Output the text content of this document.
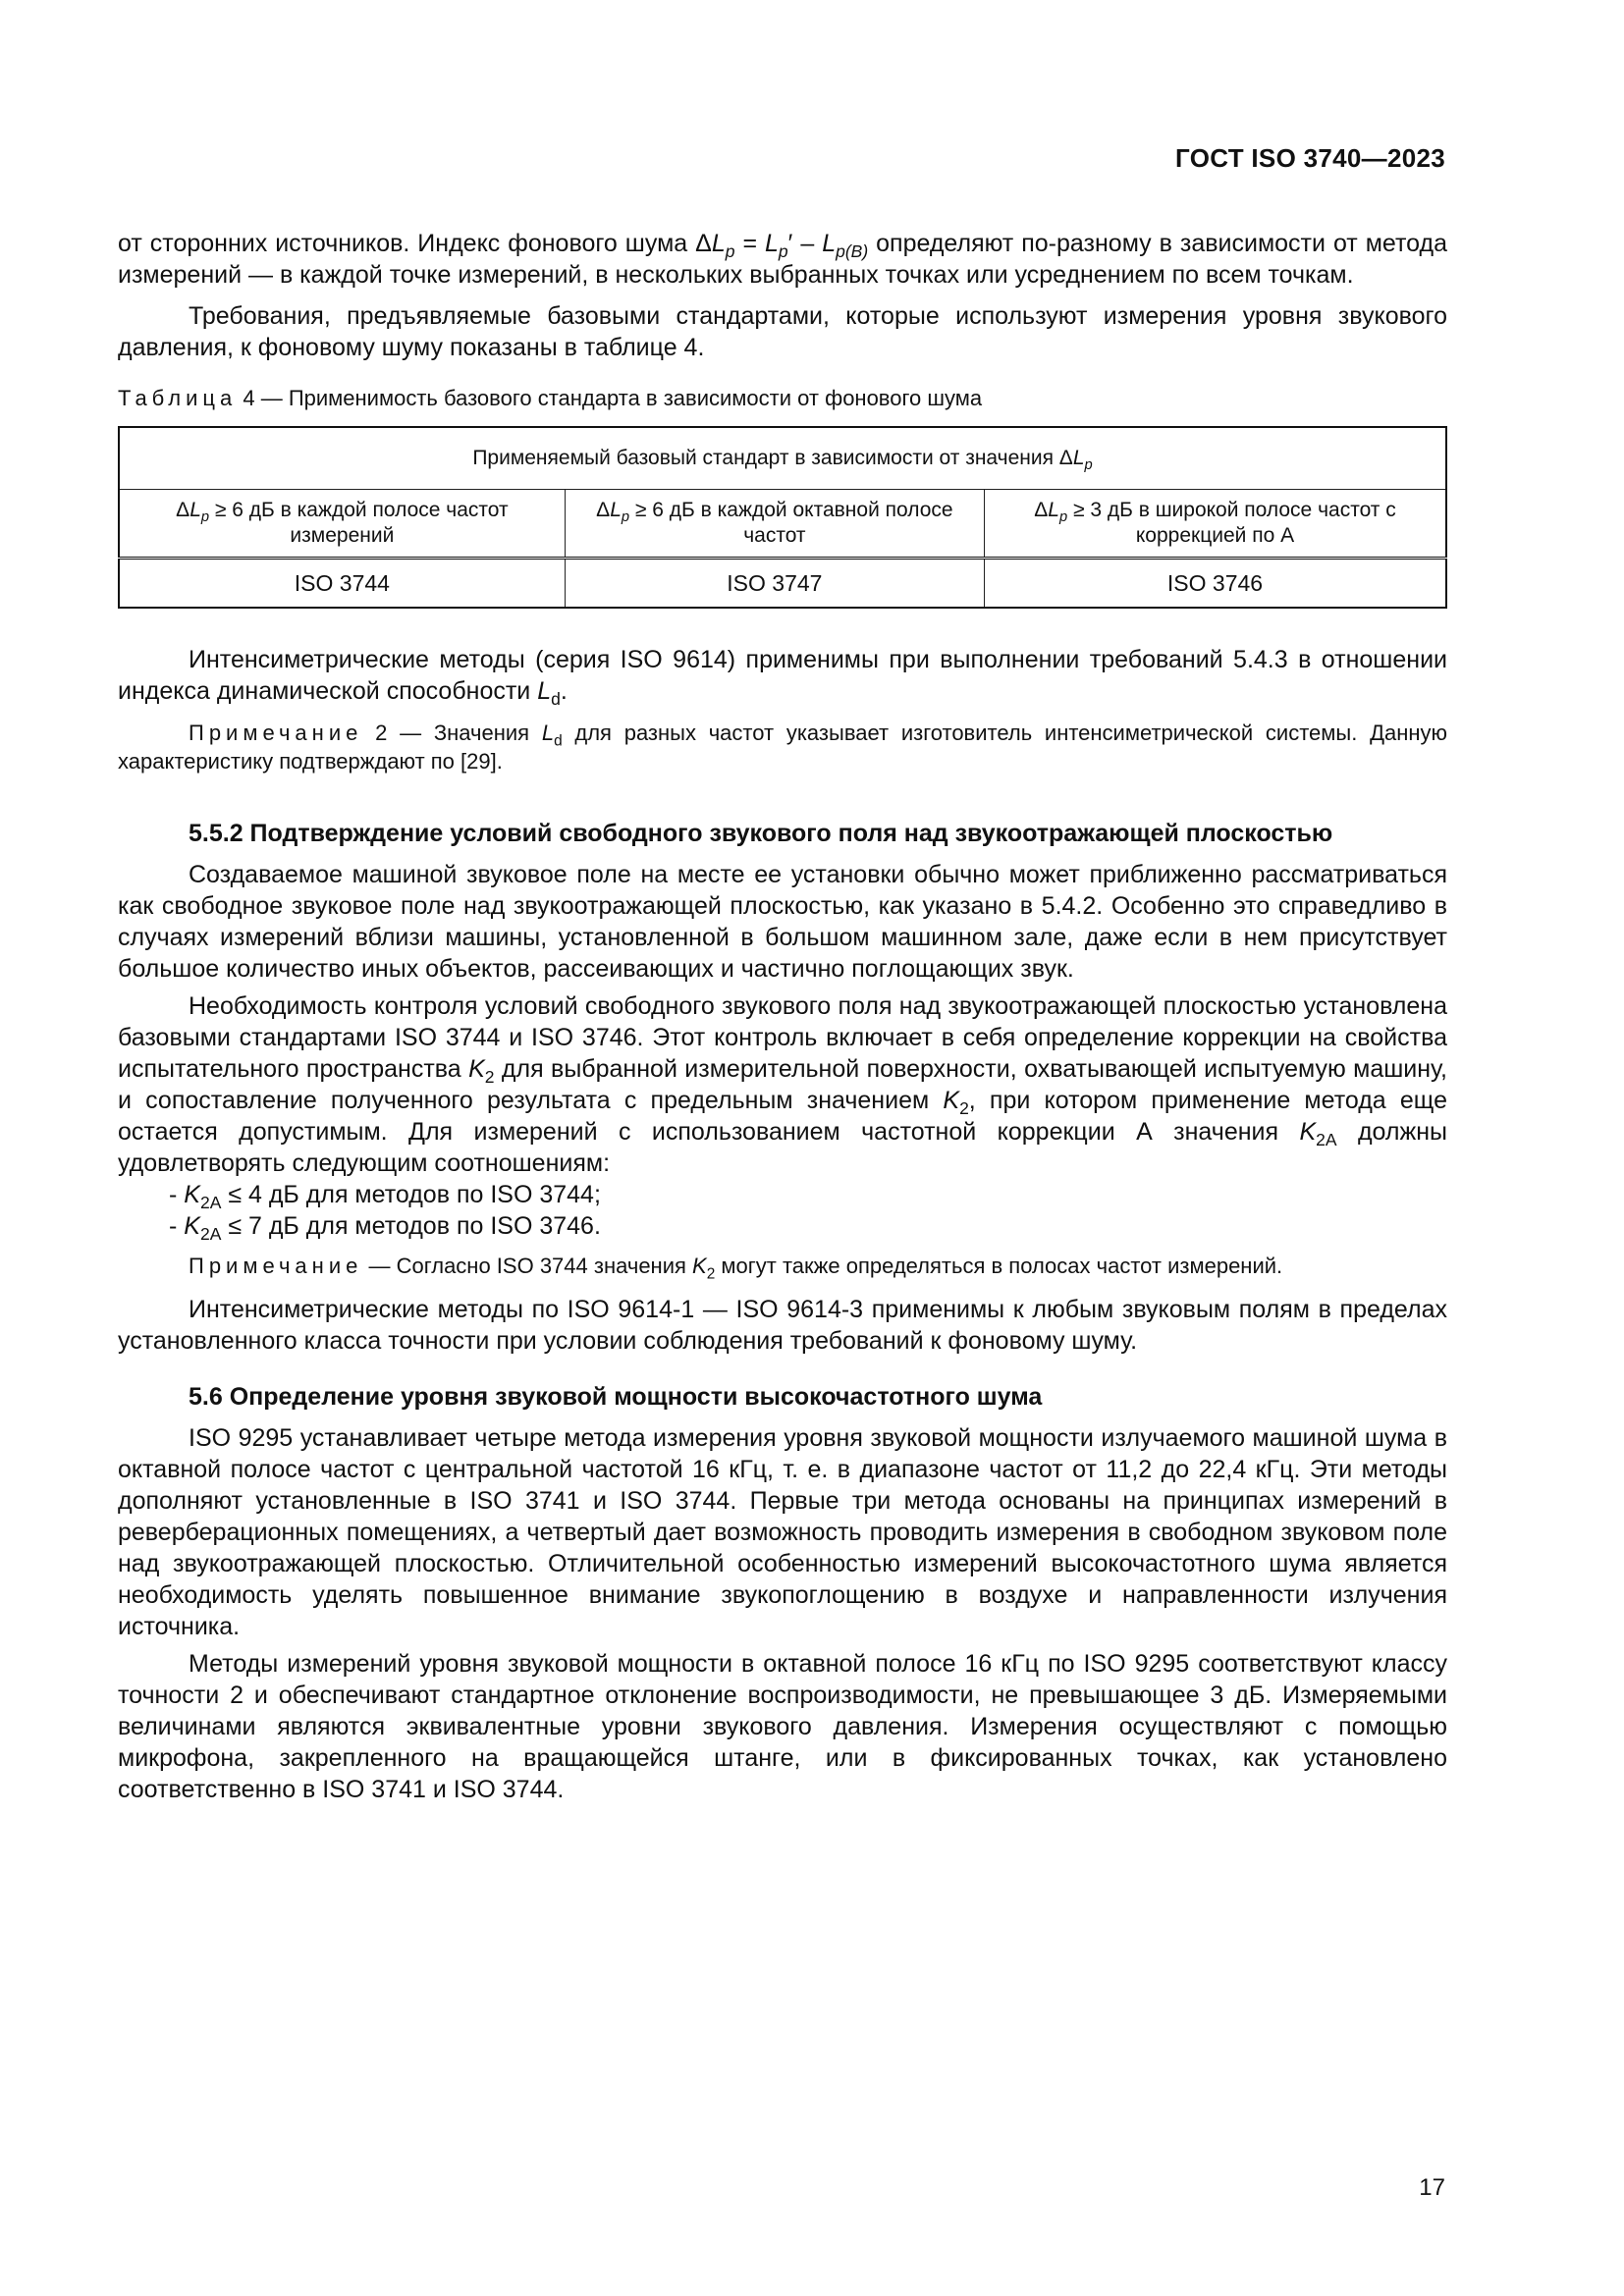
ГОСТ ISO 3740—2023

от сторонних источников. Индекс фонового шума $\Delta L_p = L_p' - L_{p(B)}$ определяют по-разному в зависимости от метода измерений — в каждой точке измерений, в нескольких выбранных точках или усреднением по всем точкам.

Требования, предъявляемые базовыми стандартами, которые используют измерения уровня звукового давления, к фоновому шуму показаны в таблице 4.

Таблица 4 — Применимость базового стандарта в зависимости от фонового шума
Применяемый базовый стандарт в зависимости от значения $\Delta L_p$
$\Delta L_p \ge 6$ дБ в каждой полосе частот измерений	$\Delta L_p \ge 6$ дБ в каждой октавной полосе частот	$\Delta L_p \ge 3$ дБ в широкой полосе частот с коррекцией по А
ISO 3744	ISO 3747	ISO 3746

Интенсиметрические методы (серия ISO 9614) применимы при выполнении требований 5.4.3 в отношении индекса динамической способности $L_d$.

Примечание 2 — Значения $L_d$ для разных частот указывает изготовитель интенсиметрической системы. Данную характеристику подтверждают по [29].
5.5.2 Подтверждение условий свободного звукового поля над звукоотражающей плоскостью

Создаваемое машиной звуковое поле на месте ее установки обычно может приближенно рассматриваться как свободное звуковое поле над звукоотражающей плоскостью, как указано в 5.4.2. Особенно это справедливо в случаях измерений вблизи машины, установленной в большом машинном зале, даже если в нем присутствует большое количество иных объектов, рассеивающих и частично поглощающих звук.

Необходимость контроля условий свободного звукового поля над звукоотражающей плоскостью установлена базовыми стандартами ISO 3744 и ISO 3746. Этот контроль включает в себя определение коррекции на свойства испытательного пространства $K_2$ для выбранной измерительной поверхности, охватывающей испытуемую машину, и сопоставление полученного результата с предельным значением $K_2$, при котором применение метода еще остается допустимым. Для измерений с использованием частотной коррекции А значения $K_{2A}$ должны удовлетворять следующим соотношениям:

- $K_{2A} \le 4$ дБ для методов по ISO 3744;

- $K_{2A} \le 7$ дБ для методов по ISO 3746.

Примечание — Согласно ISO 3744 значения $K_2$ могут также определяться в полосах частот измерений.

Интенсиметрические методы по ISO 9614-1 — ISO 9614-3 применимы к любым звуковым полям в пределах установленного класса точности при условии соблюдения требований к фоновому шуму.

5.6 Определение уровня звуковой мощности высокочастотного шума

ISO 9295 устанавливает четыре метода измерения уровня звуковой мощности излучаемого машиной шума в октавной полосе частот с центральной частотой 16 кГц, т. е. в диапазоне частот от 11,2 до 22,4 кГц. Эти методы дополняют установленные в ISO 3741 и ISO 3744. Первые три метода основаны на принципах измерений в реверберационных помещениях, а четвертый дает возможность проводить измерения в свободном звуковом поле над звукоотражающей плоскостью. Отличительной особенностью измерений высокочастотного шума является необходимость уделять повышенное внимание звукопоглощению в воздухе и направленности излучения источника.

Методы измерений уровня звуковой мощности в октавной полосе 16 кГц по ISO 9295 соответствуют классу точности 2 и обеспечивают стандартное отклонение воспроизводимости, не превышающее 3 дБ. Измеряемыми величинами являются эквивалентные уровни звукового давления. Измерения осуществляют с помощью микрофона, закрепленного на вращающейся штанге, или в фиксированных точках, как установлено соответственно в ISO 3741 и ISO 3744.

17
